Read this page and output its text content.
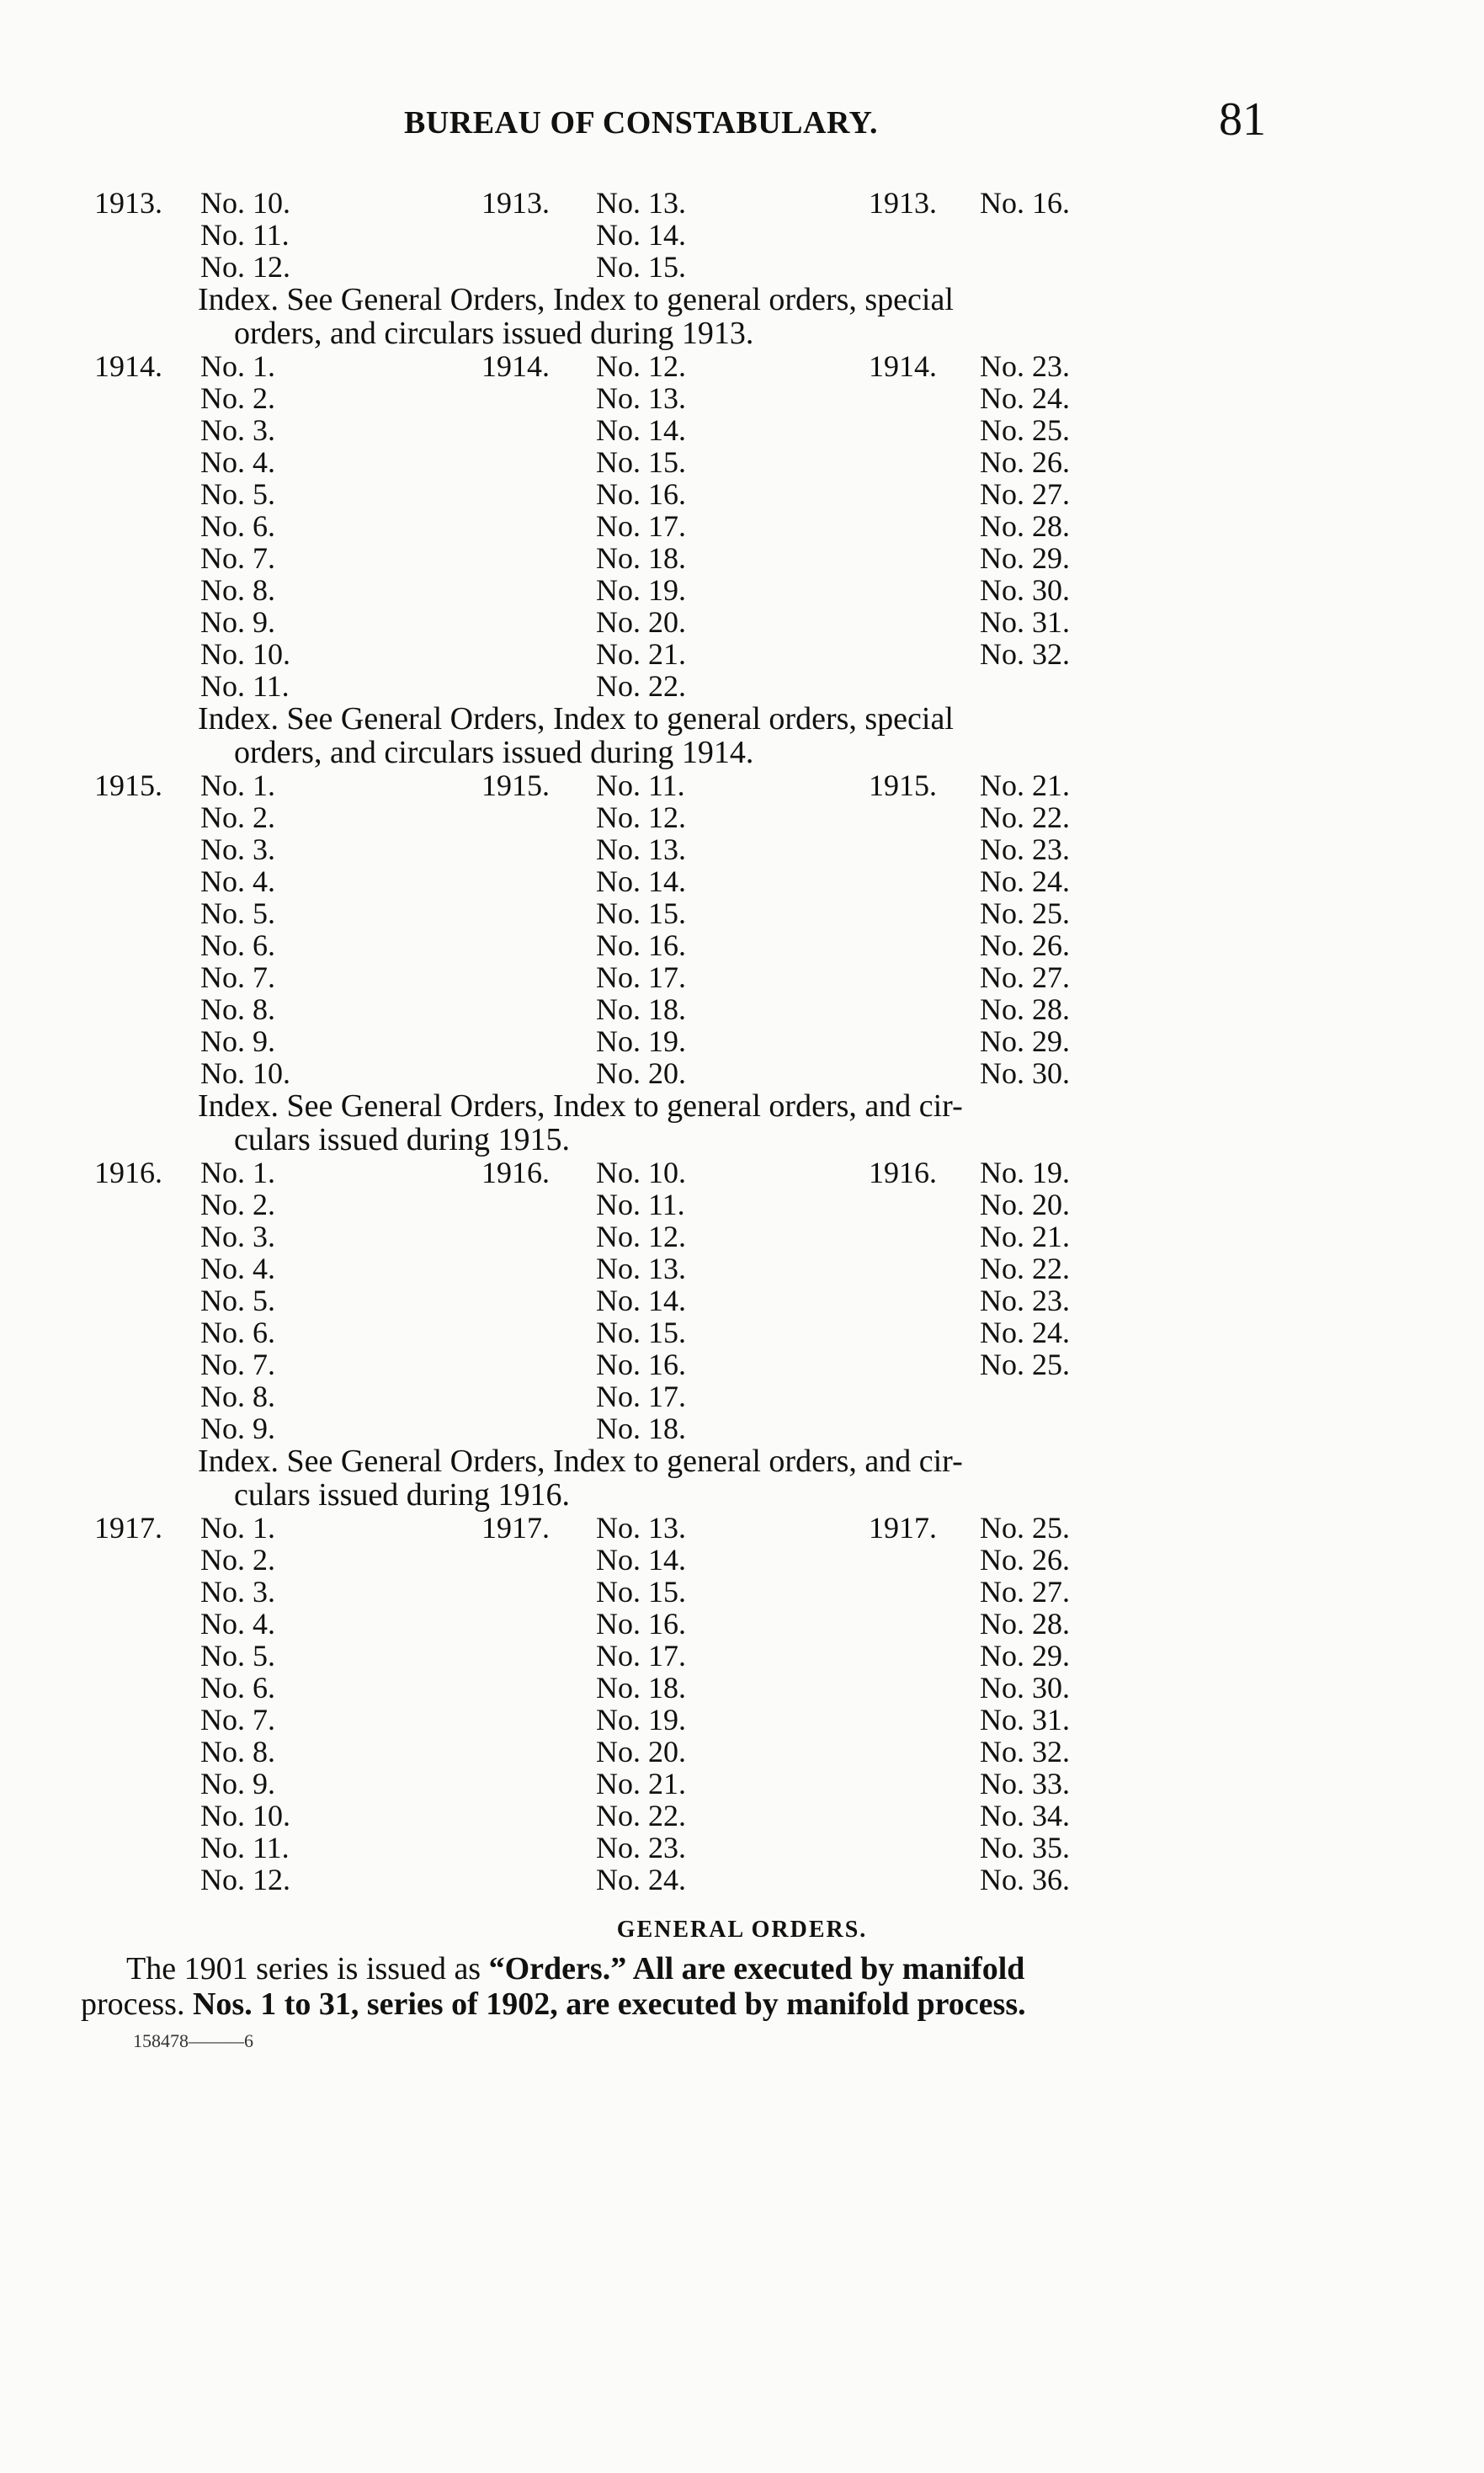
BUREAU OF CONSTABULARY.	81
1913. No. 10.	1913. No. 13.	1913. No. 16.
No. 11.	No. 14.
No. 12.	No. 15.

Index. See General Orders, Index to general orders, special

orders, and circulars issued during 1913.

1914. No. 1.	1914. No. 12.	1914. No. 23.
No. 2.	No. 13.	No. 24.
No. 3.	No. 14.	No. 25.
No. 4.	No. 15.	No. 26.
No. 5.	No. 16.	No. 27.
No. 6.	No. 17.	No. 28.
No. 7.	No. 18.	No. 29.
No. 8.	No. 19.	No. 30.
No. 9.	No. 20.	No. 31.
No. 10.	No. 21.	No. 32.
No. 11.	No. 22.

Index. See General Orders, Index to general orders, special

orders, and circulars issued during 1914.

1915. No. 1.	1915. No. 11.	1915. No. 21.
No. 2.	No. 12.	No. 22.
No. 3.	No. 13.	No. 23.
No. 4.	No. 14.	No. 24.
No. 5.	No. 15.	No. 25.
No. 6.	No. 16.	No. 26.
No. 7.	No. 17.	No. 27.
No. 8.	No. 18.	No. 28.
No. 9.	No. 19.	No. 29.
No. 10.	No. 20.	No. 30.

Index. See General Orders, Index to general orders, and cir-

culars issued during 1915.

1916. No. 1.	1916. No. 10.	1916. No. 19.
No. 2.	No. 11.	No. 20.
No. 3.	No. 12.	No. 21.
No. 4.	No. 13.	No. 22.
No. 5.	No. 14.	No. 23.
No. 6.	No. 15.	No. 24.
No. 7.	No. 16.	No. 25.
No. 8.	No. 17.
No. 9.	No. 18.

Index. See General Orders, Index to general orders, and cir-

culars issued during 1916.

1917. No. 1.	1917. No. 13.	1917. No. 25.
No. 2.	No. 14.	No. 26.
No. 3.	No. 15.	No. 27.
No. 4.	No. 16.	No. 28.
No. 5.	No. 17.	No. 29.
No. 6.	No. 18.	No. 30.
No. 7.	No. 19.	No. 31.
No. 8.	No. 20.	No. 32.
No. 9.	No. 21.	No. 33.
No. 10.	No. 22.	No. 34.
No. 11.	No. 23.	No. 35.
No. 12.	No. 24.	No. 36.
GENERAL ORDERS.

The 1901 series is issued as “Orders.” All are executed by manifold

process. Nos. 1 to 31, series of 1902, are executed by manifold process.

158478———6
